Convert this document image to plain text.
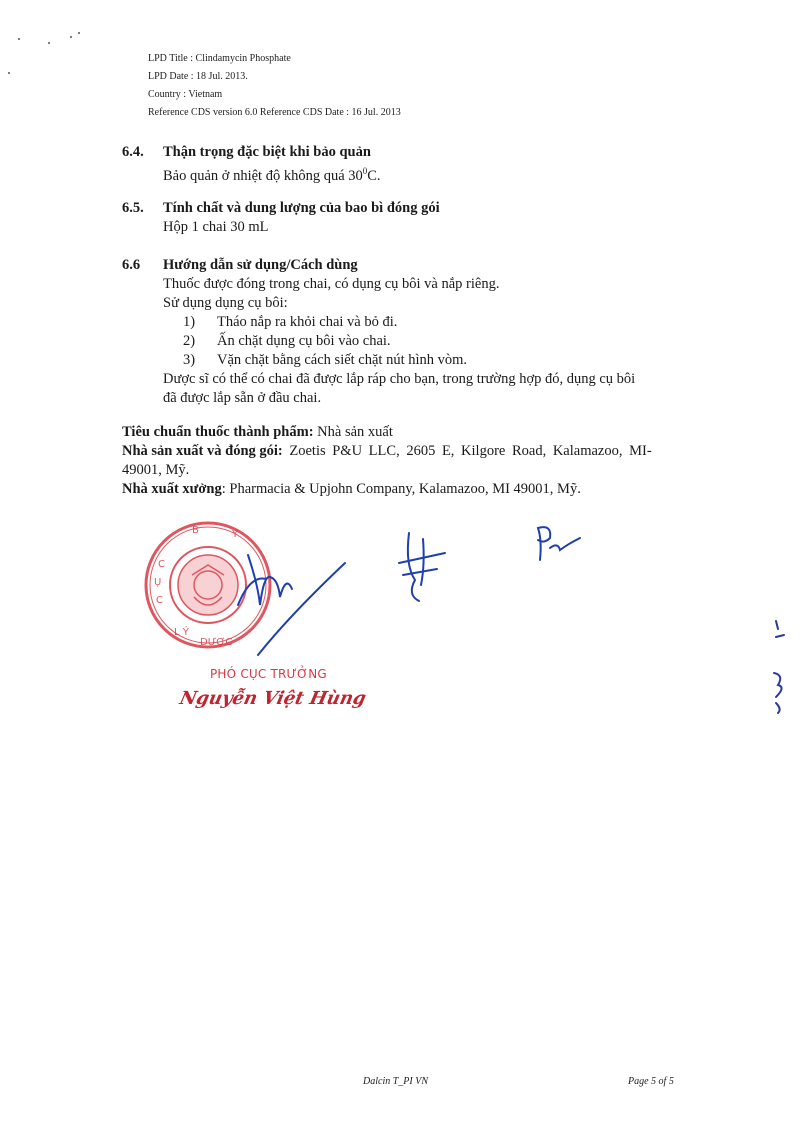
LPD Title : Clindamycin Phosphate
LPD Date : 18 Jul. 2013.
Country : Vietnam
Reference CDS version 6.0 Reference CDS Date : 16 Jul. 2013
6.4.	Thận trọng đặc biệt khi bảo quản
Bảo quản ở nhiệt độ không quá $30^0C$.
6.5.	Tính chất và dung lượng của bao bì đóng gói
Hộp 1 chai 30 mL
6.6	Hướng dẫn sử dụng/Cách dùng
Thuốc được đóng trong chai, có dụng cụ bôi và nắp riêng.
Sử dụng dụng cụ bôi:
1)	Tháo nắp ra khỏi chai và bỏ đi.
2)	Ấn chặt dụng cụ bôi vào chai.
3)	Vặn chặt bằng cách siết chặt nút hình vòm.
Dược sĩ có thể có chai đã được lắp ráp cho bạn, trong trường hợp đó, dụng cụ bôi
đã được lắp sẵn ở đầu chai.
Tiêu chuẩn thuốc thành phẩm: Nhà sản xuất
Nhà sản xuất và đóng gói: Zoetis P&U LLC, 2605 E, Kilgore Road, Kalamazoo, MI-
49001, Mỹ.
Nhà xuất xưởng: Pharmacia & Upjohn Company, Kalamazoo, MI 49001, Mỹ.
B	Y
C
Ụ
C
L Ý
DƯỢC
PHÓ CỤC TRƯỞNG
Nguyễn Việt Hùng
Dalcin T_PI VN	Page 5 of 5
